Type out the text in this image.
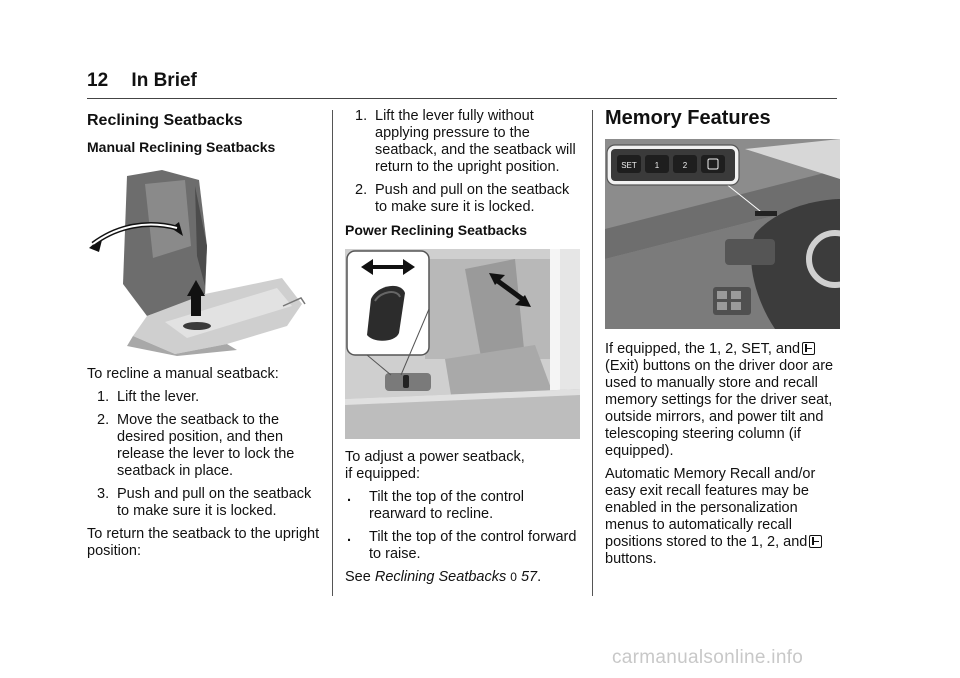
12 In Brief
Reclining Seatbacks
Manual Reclining Seatbacks

To recline a manual seatback:

1. Lift the lever.
2. Move the seatback to the desired position, and then release the lever to lock the seatback in place.
3. Push and pull on the seatback to make sure it is locked.

To return the seatback to the upright position:

1. Lift the lever fully without applying pressure to the seatback, and the seatback will return to the upright position.
2. Push and pull on the seatback to make sure it is locked.
Power Reclining Seatbacks

To adjust a power seatback,

if equipped:

. Tilt the top of the control rearward to recline.
. Tilt the top of the control forward to raise.

See Reclining Seatbacks 0 57.

Memory Features
SET 1	2

If equipped, the 1, 2, SET, and (Exit) buttons on the driver door are used to manually store and recall memory settings for the driver seat, outside mirrors, and power tilt and telescoping steering column (if equipped).

Automatic Memory Recall and/or easy exit recall features may be enabled in the personalization menus to automatically recall
positions stored to the 1, 2, and
buttons.

carmanualsonline.info
